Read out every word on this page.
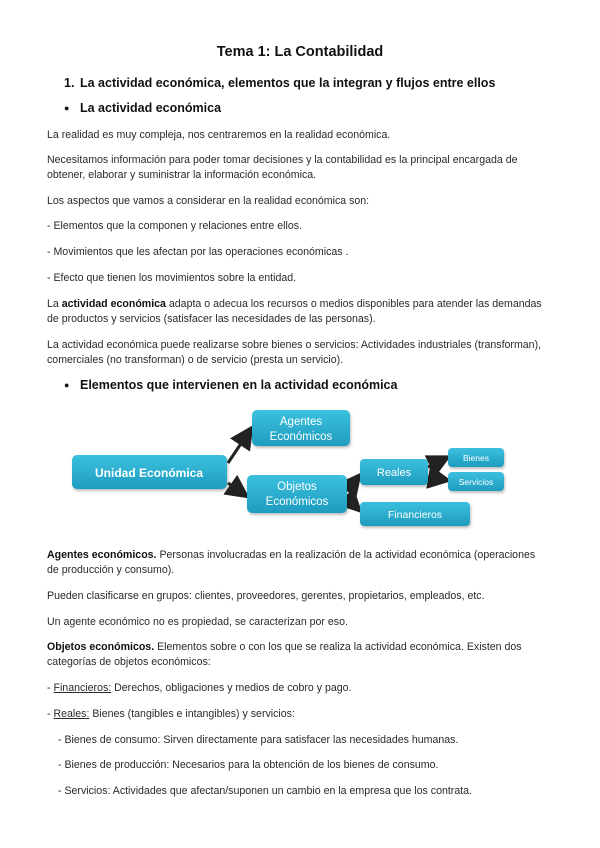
Tema 1: La Contabilidad
1. La actividad económica, elementos que la integran y flujos entre ellos
● La actividad económica
La realidad es muy compleja, nos centraremos en la realidad económica.
Necesitamos información para poder tomar decisiones y la contabilidad es la principal encargada de obtener, elaborar y suministrar la información económica.
Los aspectos que vamos a considerar en la realidad económica son:
- Elementos que la componen y relaciones entre ellos.
- Movimientos que les afectan por las operaciones económicas .
- Efecto que tienen los movimientos sobre la entidad.
La actividad económica adapta o adecua los recursos o medios disponibles para atender las demandas de productos y servicios (satisfacer las necesidades de las personas).
La actividad económica puede realizarse sobre bienes o servicios: Actividades industriales (transforman), comerciales (no transforman) o de servicio (presta un servicio).
● Elementos que intervienen en la actividad económica
Unidad Económica
Agentes
Económicos
Objetos
Económicos
Reales
Bienes
Servicios
Financieros
Agentes económicos. Personas involucradas en la realización de la actividad económica (operaciones de producción y consumo).
Pueden clasificarse en grupos: clientes, proveedores, gerentes, propietarios, empleados, etc.
Un agente económico no es propiedad, se caracterizan por eso.
Objetos económicos. Elementos sobre o con los que se realiza la actividad económica. Existen dos categorías de objetos económicos:
- Financieros: Derechos, obligaciones y medios de cobro y pago.
- Reales: Bienes (tangibles e intangibles) y servicios:
- Bienes de consumo: Sirven directamente para satisfacer las necesidades humanas.
- Bienes de producción: Necesarios para la obtención de los bienes de consumo.
- Servicios: Actividades que afectan/suponen un cambio en la empresa que los contrata.
